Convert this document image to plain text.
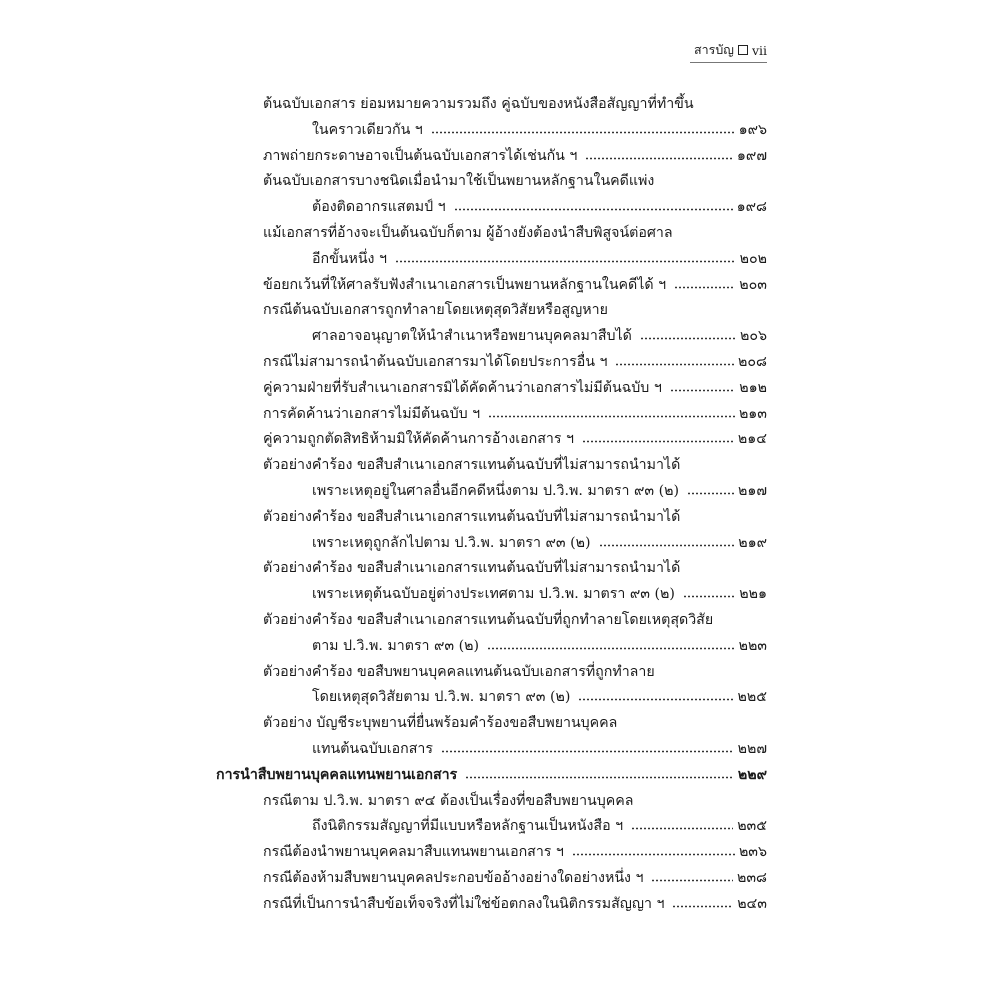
สารบัญ vii
ต้นฉบับเอกสาร ย่อมหมายความรวมถึง คู่ฉบับของหนังสือสัญญาที่ทำขึ้น
ในคราวเดียวกัน ฯ	๑๙๖
ภาพถ่ายกระดาษอาจเป็นต้นฉบับเอกสารได้เช่นกัน ฯ	๑๙๗
ต้นฉบับเอกสารบางชนิดเมื่อนำมาใช้เป็นพยานหลักฐานในคดีแพ่ง
ต้องติดอากรแสตมป์ ฯ	๑๙๘
แม้เอกสารที่อ้างจะเป็นต้นฉบับก็ตาม ผู้อ้างยังต้องนำสืบพิสูจน์ต่อศาล
อีกขั้นหนึ่ง ฯ	๒๐๒
ข้อยกเว้นที่ให้ศาลรับฟังสำเนาเอกสารเป็นพยานหลักฐานในคดีได้ ฯ	๒๐๓
กรณีต้นฉบับเอกสารถูกทำลายโดยเหตุสุดวิสัยหรือสูญหาย
ศาลอาจอนุญาตให้นำสำเนาหรือพยานบุคคลมาสืบได้	๒๐๖
กรณีไม่สามารถนำต้นฉบับเอกสารมาได้โดยประการอื่น ฯ	๒๐๘
คู่ความฝ่ายที่รับสำเนาเอกสารมิได้คัดค้านว่าเอกสารไม่มีต้นฉบับ ฯ	๒๑๒
การคัดค้านว่าเอกสารไม่มีต้นฉบับ ฯ	๒๑๓
คู่ความถูกตัดสิทธิห้ามมิให้คัดค้านการอ้างเอกสาร ฯ	๒๑๔
ตัวอย่างคำร้อง ขอสืบสำเนาเอกสารแทนต้นฉบับที่ไม่สามารถนำมาได้
เพราะเหตุอยู่ในศาลอื่นอีกคดีหนึ่งตาม ป.วิ.พ. มาตรา ๙๓ (๒)	๒๑๗
ตัวอย่างคำร้อง ขอสืบสำเนาเอกสารแทนต้นฉบับที่ไม่สามารถนำมาได้
เพราะเหตุถูกลักไปตาม ป.วิ.พ. มาตรา ๙๓ (๒)	๒๑๙
ตัวอย่างคำร้อง ขอสืบสำเนาเอกสารแทนต้นฉบับที่ไม่สามารถนำมาได้
เพราะเหตุต้นฉบับอยู่ต่างประเทศตาม ป.วิ.พ. มาตรา ๙๓ (๒)	๒๒๑
ตัวอย่างคำร้อง ขอสืบสำเนาเอกสารแทนต้นฉบับที่ถูกทำลายโดยเหตุสุดวิสัย
ตาม ป.วิ.พ. มาตรา ๙๓ (๒)	๒๒๓
ตัวอย่างคำร้อง ขอสืบพยานบุคคลแทนต้นฉบับเอกสารที่ถูกทำลาย
โดยเหตุสุดวิสัยตาม ป.วิ.พ. มาตรา ๙๓ (๒)	๒๒๕
ตัวอย่าง บัญชีระบุพยานที่ยื่นพร้อมคำร้องขอสืบพยานบุคคล
แทนต้นฉบับเอกสาร	๒๒๗
การนำสืบพยานบุคคลแทนพยานเอกสาร	๒๒๙
กรณีตาม ป.วิ.พ. มาตรา ๙๔ ต้องเป็นเรื่องที่ขอสืบพยานบุคคล
ถึงนิติกรรมสัญญาที่มีแบบหรือหลักฐานเป็นหนังสือ ฯ	๒๓๕
กรณีต้องนำพยานบุคคลมาสืบแทนพยานเอกสาร ฯ	๒๓๖
กรณีต้องห้ามสืบพยานบุคคลประกอบข้ออ้างอย่างใดอย่างหนึ่ง ฯ	๒๓๘
กรณีที่เป็นการนำสืบข้อเท็จจริงที่ไม่ใช่ข้อตกลงในนิติกรรมสัญญา ฯ	๒๔๓
